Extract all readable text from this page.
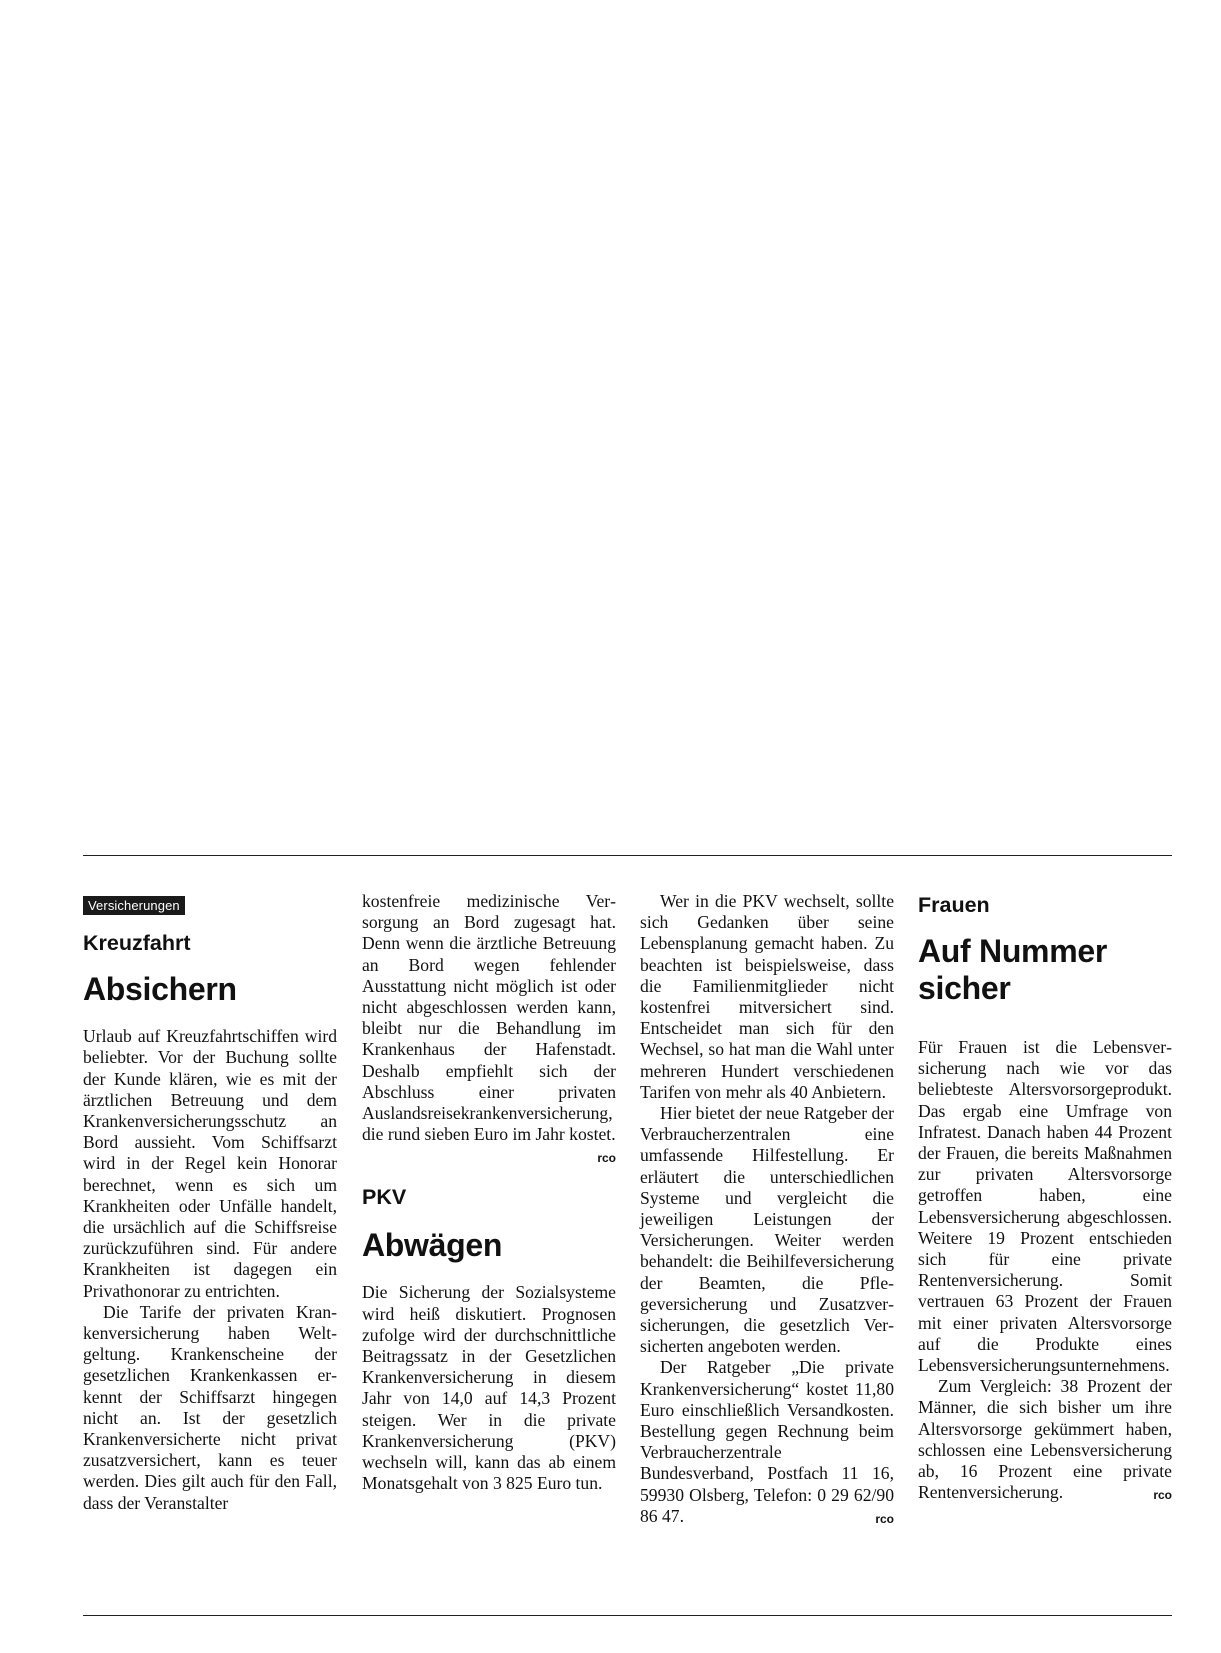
Versicherungen
Kreuzfahrt
Absichern

Urlaub auf Kreuzfahrtschiffen wird beliebter. Vor der Buchung sollte der Kunde klären, wie es mit der ärztlichen Betreuung und dem Krankenversicherungsschutz an Bord aussieht. Vom Schiffsarzt wird in der Regel kein Honorar berechnet, wenn es sich um Krankheiten oder Unfälle handelt, die ursächlich auf die Schiffsreise zurückzuführen sind. Für andere Krankheiten ist dagegen ein Privathonorar zu entrichten.

Die Tarife der privaten Krankenversicherung haben Weltgeltung. Krankenscheine der gesetzlichen Krankenkassen erkennt der Schiffsarzt hingegen nicht an. Ist der gesetzlich Krankenversicherte nicht privat zusatzversichert, kann es teuer werden. Dies gilt auch für den Fall, dass der Veranstalter

kostenfreie medizinische Versorgung an Bord zugesagt hat. Denn wenn die ärztliche Betreuung an Bord wegen fehlender Ausstattung nicht möglich ist oder nicht abgeschlossen werden kann, bleibt nur die Behandlung im Krankenhaus der Hafenstadt. Deshalb empfiehlt sich der Abschluss einer privaten Auslandsreisekrankenversicherung, die rund sieben Euro im Jahr kostet.
rco

PKV
Abwägen

Die Sicherung der Sozialsysteme wird heiß diskutiert. Prognosen zufolge wird der durchschnittliche Beitragssatz in der Gesetzlichen Krankenversicherung in diesem Jahr von 14,0 auf 14,3 Prozent steigen. Wer in die private Krankenversicherung (PKV) wechseln will, kann das ab einem Monatsgehalt von 3 825 Euro tun.

Wer in die PKV wechselt, sollte sich Gedanken über seine Lebensplanung gemacht haben. Zu beachten ist beispielsweise, dass die Familienmitglieder nicht kostenfrei mitversichert sind. Entscheidet man sich für den Wechsel, so hat man die Wahl unter mehreren Hundert verschiedenen Tarifen von mehr als 40 Anbietern.

Hier bietet der neue Ratgeber der Verbraucherzentralen eine umfassende Hilfestellung. Er erläutert die unterschiedlichen Systeme und vergleicht die jeweiligen Leistungen der Versicherungen. Weiter werden behandelt: die Beihilfeversicherung der Beamten, die Pflegeversicherung und Zusatzversicherungen, die gesetzlich Versicherten angeboten werden.

Der Ratgeber „Die private Krankenversicherung“ kostet 11,80 Euro einschließlich Versandkosten. Bestellung gegen Rechnung beim Verbraucherzentrale Bundesverband, Postfach 11 16, 59930 Olsberg, Telefon: 0 29 62/90 86 47.	rco

Frauen
Auf Nummer
sicher

Für Frauen ist die Lebensversicherung nach wie vor das beliebteste Altersvorsorgeprodukt. Das ergab eine Umfrage von Infratest. Danach haben 44 Prozent der Frauen, die bereits Maßnahmen zur privaten Altersvorsorge getroffen haben, eine Lebensversicherung abgeschlossen. Weitere 19 Prozent entschieden sich für eine private Rentenversicherung. Somit vertrauen 63 Prozent der Frauen mit einer privaten Altersvorsorge auf die Produkte eines Lebensversicherungsunternehmens.

Zum Vergleich: 38 Prozent der Männer, die sich bisher um ihre Altersvorsorge gekümmert haben, schlossen eine Lebensversicherung ab, 16 Prozent eine private Rentenversicherung.	rco
